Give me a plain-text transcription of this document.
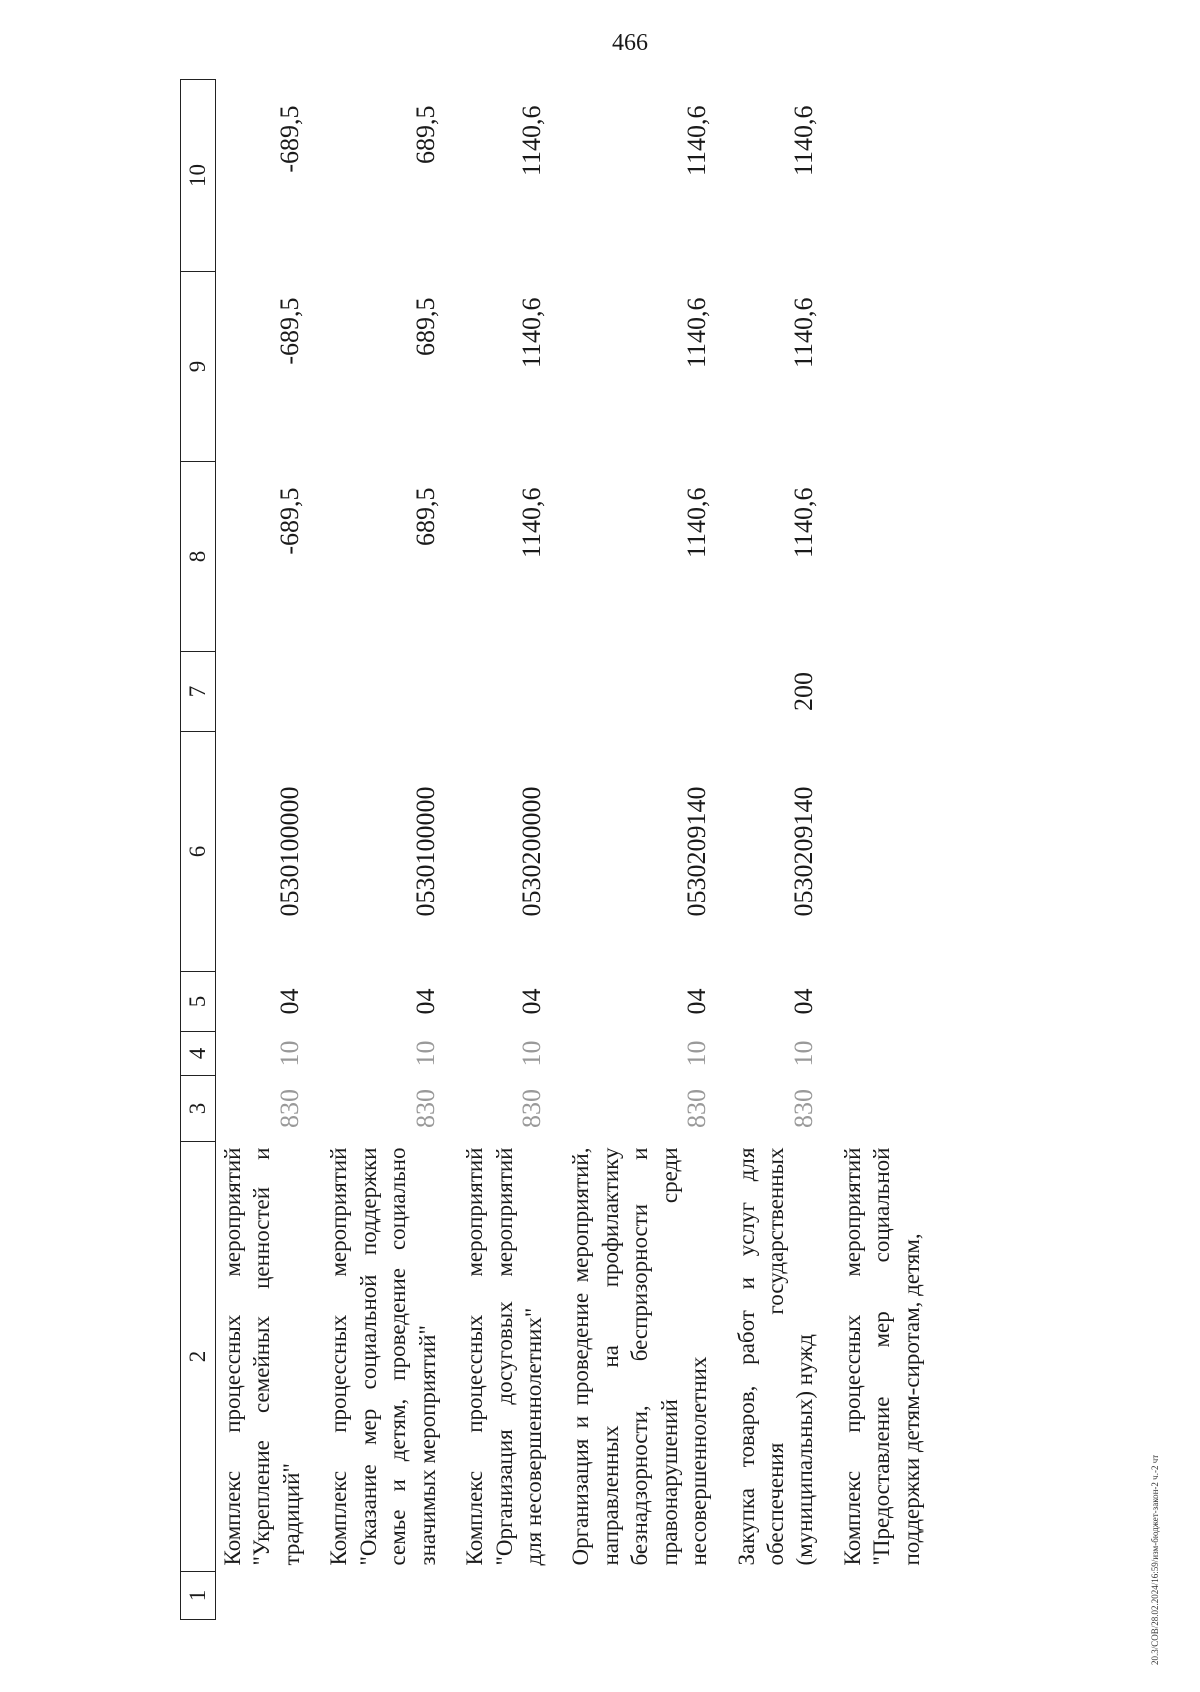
466
20.3/СОВ/28.02.2024/16:59/изм-бюджет-закон-2 ч.-2 чт
1	2	3	4	5	6	7	8	9	10
	Комплекс процессных мероприятий "Укрепление семейных ценностей и традиций"	830	10	04	0530100000		-689,5	-689,5	-689,5
	Комплекс процессных мероприятий "Оказание мер социальной поддержки семье и детям, проведение социально значимых мероприятий"	830	10	04	0530100000		689,5	689,5	689,5
	Комплекс процессных мероприятий "Организация досуговых мероприятий для несовершеннолетних"	830	10	04	0530200000		1140,6	1140,6	1140,6
	Организация и проведение мероприятий, направленных на профилактику безнадзорности, беспризорности и правонарушений среди несовершеннолетних	830	10	04	0530209140		1140,6	1140,6	1140,6
	Закупка товаров, работ и услуг для обеспечения государственных (муниципальных) нужд	830	10	04	0530209140	200	1140,6	1140,6	1140,6
	Комплекс процессных мероприятий "Предоставление мер социальной поддержки детям-сиротам, детям,								
